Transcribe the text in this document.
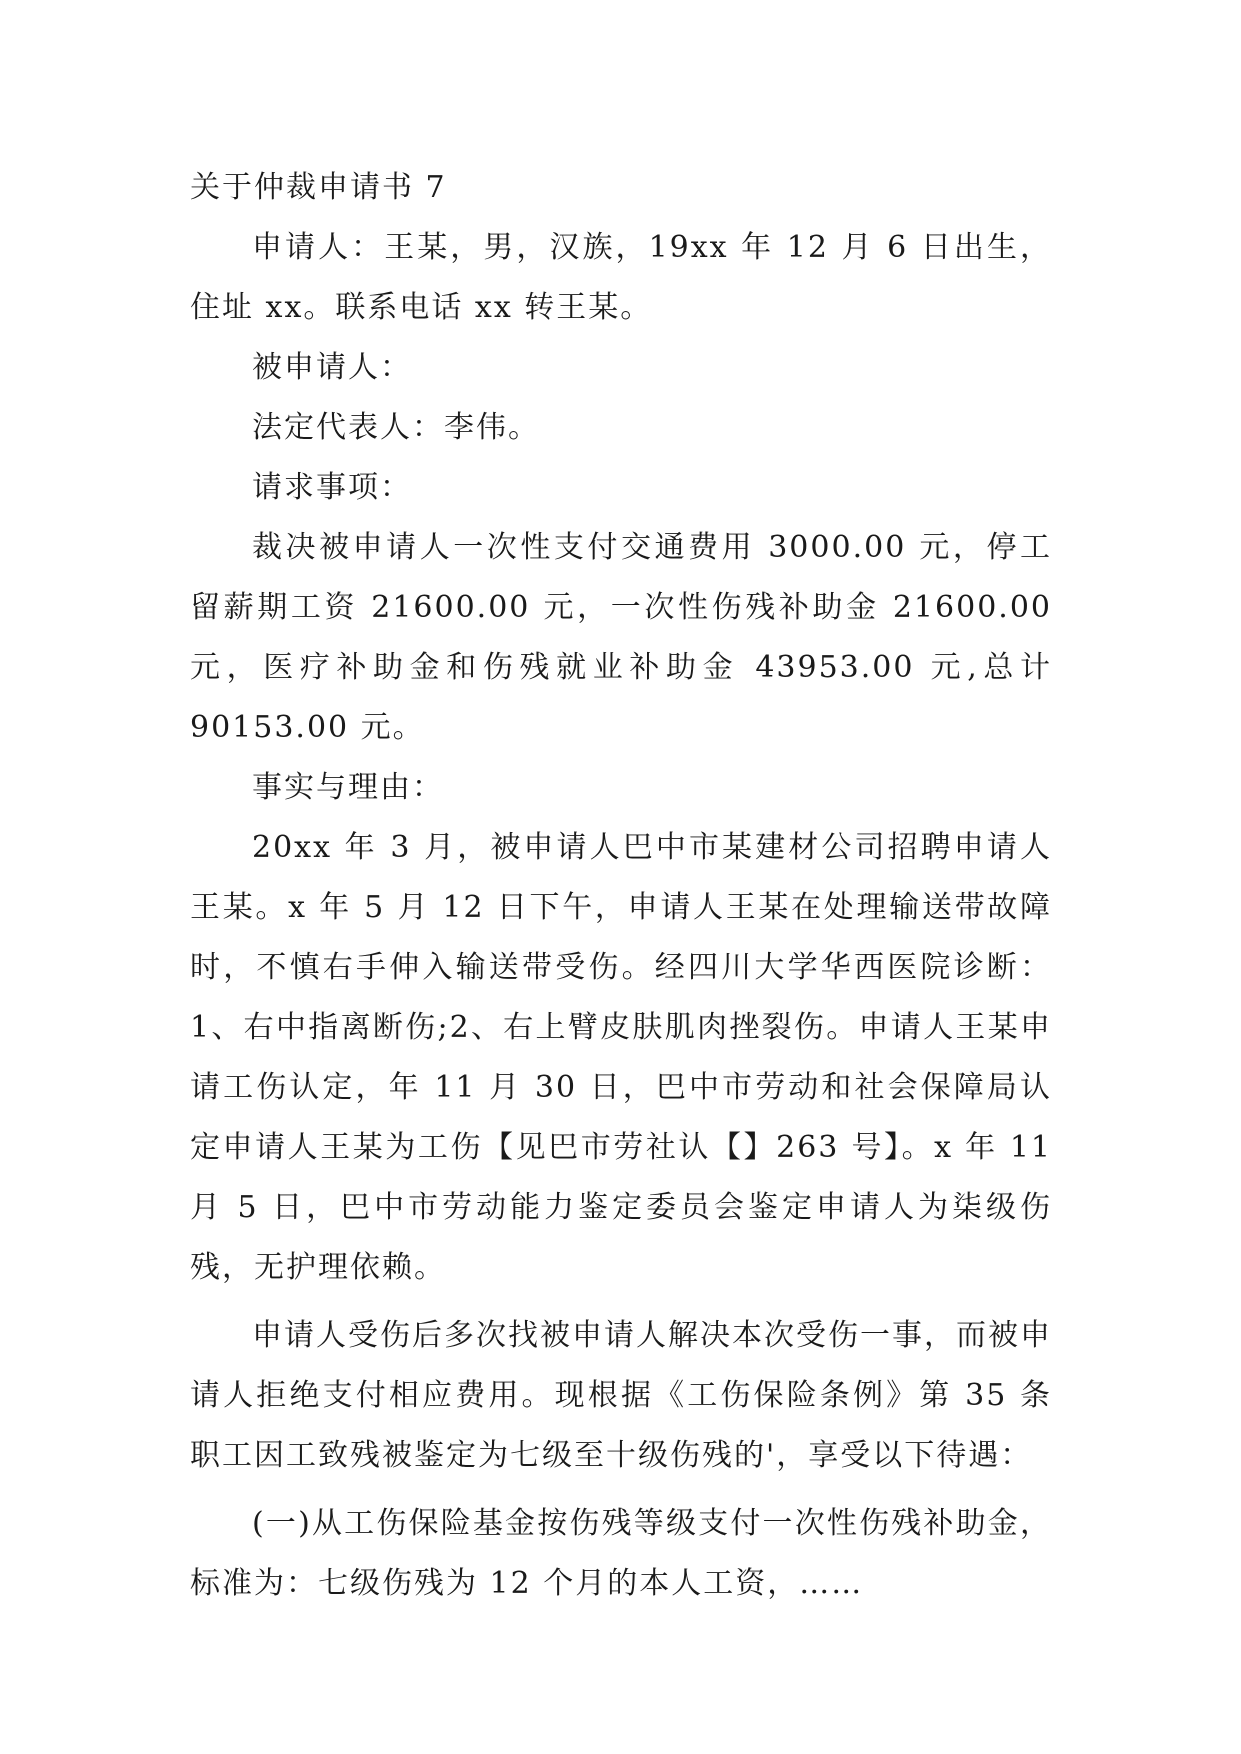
关于仲裁申请书 7

申请人：王某，男，汉族，19xx 年 12 月 6 日出生，住址 xx。联系电话 xx 转王某。

被申请人：

法定代表人：李伟。

请求事项：

裁决被申请人一次性支付交通费用 3000.00 元，停工留薪期工资 21600.00 元，一次性伤残补助金 21600.00 元，医疗补助金和伤残就业补助金 43953.00 元,总计 90153.00 元。

事实与理由：

20xx 年 3 月，被申请人巴中市某建材公司招聘申请人王某。x 年 5 月 12 日下午，申请人王某在处理输送带故障时，不慎右手伸入输送带受伤。经四川大学华西医院诊断：1、右中指离断伤;2、右上臂皮肤肌肉挫裂伤。申请人王某申请工伤认定，年 11 月 30 日，巴中市劳动和社会保障局认定申请人王某为工伤【见巴市劳社认【】263 号】。x 年 11 月 5 日，巴中市劳动能力鉴定委员会鉴定申请人为柒级伤残，无护理依赖。

申请人受伤后多次找被申请人解决本次受伤一事，而被申请人拒绝支付相应费用。现根据《工伤保险条例》第 35 条职工因工致残被鉴定为七级至十级伤残的'，享受以下待遇：

(一)从工伤保险基金按伤残等级支付一次性伤残补助金，标准为：七级伤残为 12 个月的本人工资，……
